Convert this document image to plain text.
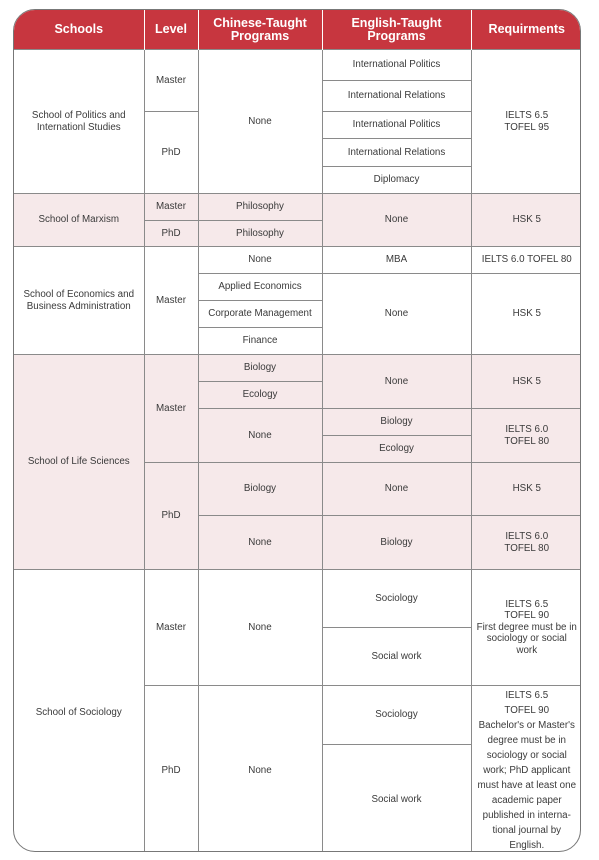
Schools	Level	Chinese-Taught Programs	English-Taught Programs	Requirments
School of Politics and Internationl Studies	Master	None	International Politics	IELTS 6.5
TOFEL 95
			International Relations	
	PhD		International Politics	
			International Relations	
			Diplomacy	
School of Marxism	Master	Philosophy	None	HSK 5
	PhD	Philosophy		
School of Economics and Business Administration	Master	None	MBA	IELTS 6.0 TOFEL 80
		Applied Economics	None	HSK 5
		Corporate Management		
		Finance		
School of Life Sciences	Master	Biology	None	HSK 5
		Ecology		
		None	Biology	IELTS 6.0
TOFEL 80
			Ecology	
	PhD	Biology	None	HSK 5
		None	Biology	IELTS 6.0
TOFEL 80
School of Sociology	Master	None	Sociology	IELTS 6.5
TOFEL 90
First degree must be in sociology or social work
			Social work	
	PhD	None	Sociology	IELTS 6.5
TOFEL 90
Bachelor's or Master's degree must be in sociology or social work; PhD applicant must have at least one academic paper published in interna-tional journal by English.
			Social work	
